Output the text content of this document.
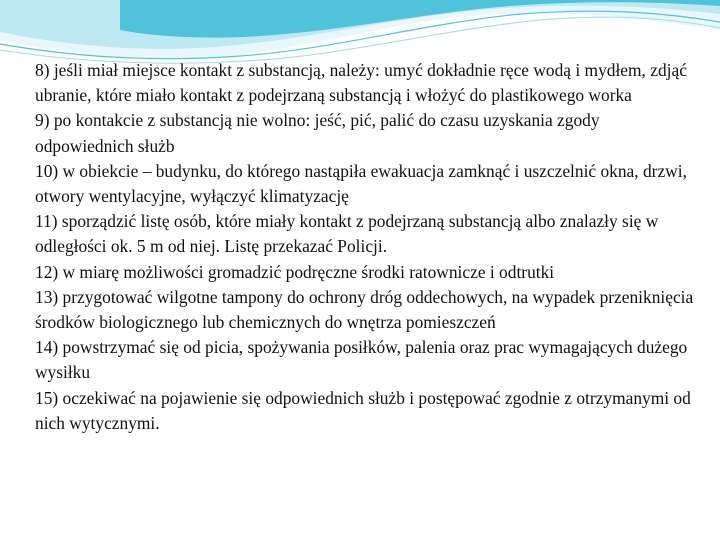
8) jeśli miał miejsce kontakt z substancją, należy: umyć dokładnie ręce wodą i mydłem, zdjąć ubranie, które miało kontakt z podejrzaną substancją i włożyć do plastikowego worka

9) po kontakcie z substancją nie wolno: jeść, pić, palić do czasu uzyskania zgody odpowiednich służb

10) w obiekcie – budynku, do którego nastąpiła ewakuacja zamknąć i uszczelnić okna, drzwi, otwory wentylacyjne, wyłączyć klimatyzację

11) sporządzić listę osób, które miały kontakt z podejrzaną substancją albo znalazły się w odległości ok. 5 m od niej. Listę przekazać Policji.

12) w miarę możliwości gromadzić podręczne środki ratownicze i odtrutki

13) przygotować wilgotne tampony do ochrony dróg oddechowych, na wypadek przeniknięcia środków biologicznego lub chemicznych do wnętrza pomieszczeń

14) powstrzymać się od picia, spożywania posiłków, palenia oraz prac wymagających dużego wysiłku

15) oczekiwać na pojawienie się odpowiednich służb i postępować zgodnie z otrzymanymi od nich wytycznymi.
